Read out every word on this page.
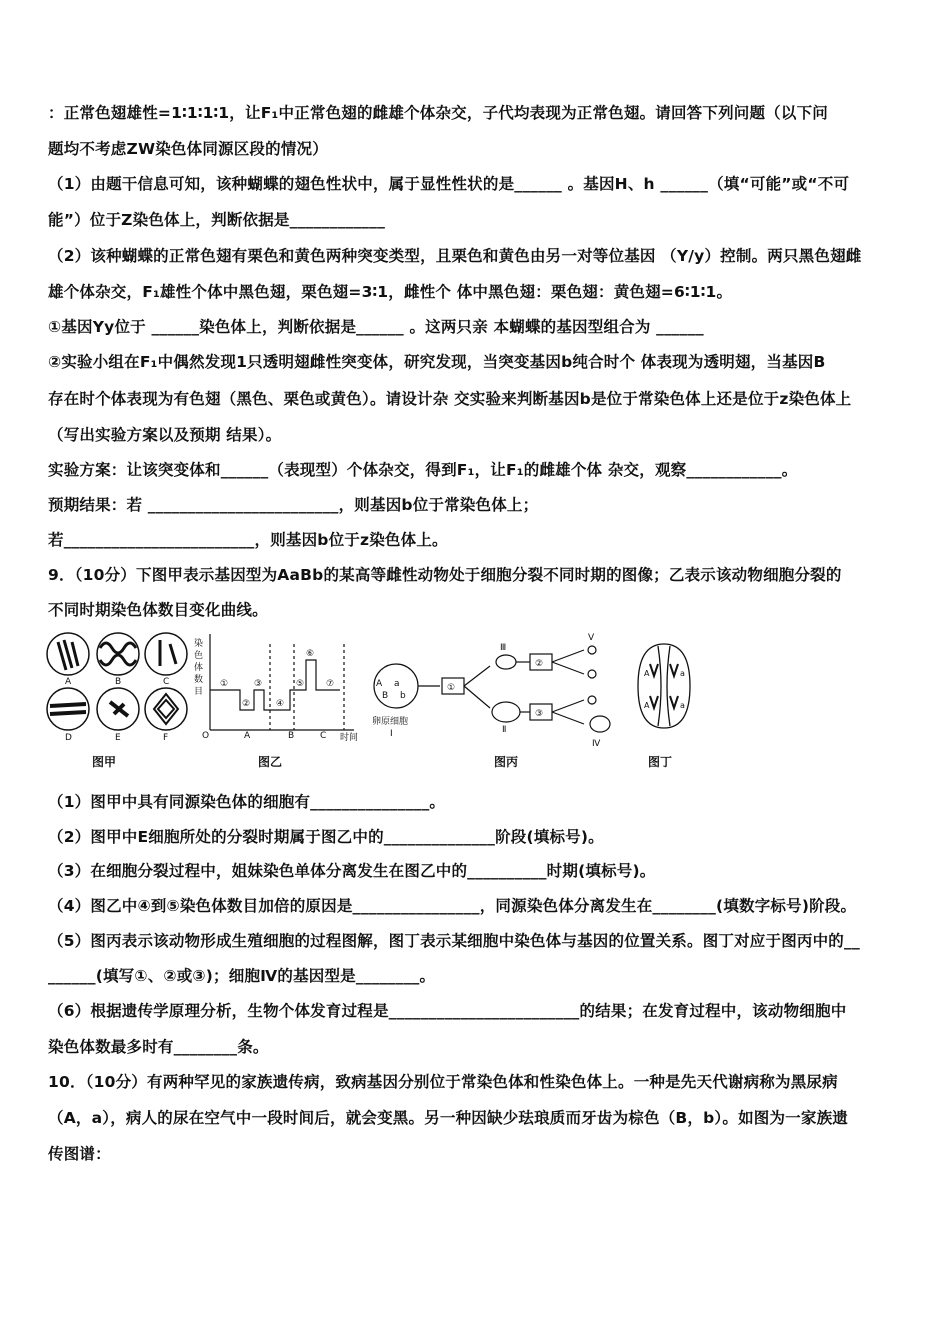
：正常色翅雄性=1∶1∶1∶1，让F₁中正常色翅的雌雄个体杂交，子代均表现为正常色翅。请回答下列问题（以下问
题均不考虑ZW染色体同源区段的情况）
（1）由题干信息可知，该种蝴蝶的翅色性状中，属于显性性状的是______ 。基因H、h ______（填“可能”或“不可
能”）位于Z染色体上，判断依据是____________
（2）该种蝴蝶的正常色翅有栗色和黄色两种突变类型，且栗色和黄色由另一对等位基因 （Y/y）控制。两只黑色翅雌
雄个体杂交，F₁雄性个体中黑色翅，栗色翅=3∶1，雌性个 体中黑色翅：栗色翅：黄色翅=6∶1∶1。
①基因Yy位于 ______染色体上，判断依据是______ 。这两只亲 本蝴蝶的基因型组合为 ______
②实验小组在F₁中偶然发现1只透明翅雌性突变体，研究发现，当突变基因b纯合时个 体表现为透明翅，当基因B
存在时个体表现为有色翅（黑色、栗色或黄色）。请设计杂 交实验来判断基因b是位于常染色体上还是位于z染色体上
（写出实验方案以及预期 结果）。
实验方案：让该突变体和______（表现型）个体杂交，得到F₁，让F₁的雌雄个体 杂交，观察____________。
预期结果：若 ________________________，则基因b位于常染色体上；
若________________________，则基因b位于z染色体上。
9．（10分）下图甲表示基因型为AaBb的某高等雌性动物处于细胞分裂不同时期的图像；乙表示该动物细胞分裂的
不同时期染色体数目变化曲线。
A	B	C
D	E	F
染
色
体
数
目
①
②
③
④
⑤
⑥
⑦
O	A	B	C 时间
A a
B b
卵原细胞
Ⅰ	Ⅱ
Ⅲ
Ⅳ
Ⅴ
①
②
③
A	a
A	a
图甲	图乙	图丙	图丁
（1）图甲中具有同源染色体的细胞有_______________。
（2）图甲中E细胞所处的分裂时期属于图乙中的______________阶段(填标号)。
（3）在细胞分裂过程中，姐妹染色单体分离发生在图乙中的__________时期(填标号)。
（4）图乙中④到⑤染色体数目加倍的原因是________________，同源染色体分离发生在________(填数字标号)阶段。
（5）图丙表示该动物形成生殖细胞的过程图解，图丁表示某细胞中染色体与基因的位置关系。图丁对应于图丙中的__
______(填写①、②或③)；细胞Ⅳ的基因型是________。
（6）根据遗传学原理分析，生物个体发育过程是________________________的结果；在发育过程中，该动物细胞中
染色体数最多时有________条。
10．（10分）有两种罕见的家族遗传病，致病基因分别位于常染色体和性染色体上。一种是先天代谢病称为黑尿病
（A，a），病人的尿在空气中一段时间后，就会变黑。另一种因缺少珐琅质而牙齿为棕色（B，b）。如图为一家族遗
传图谱：
